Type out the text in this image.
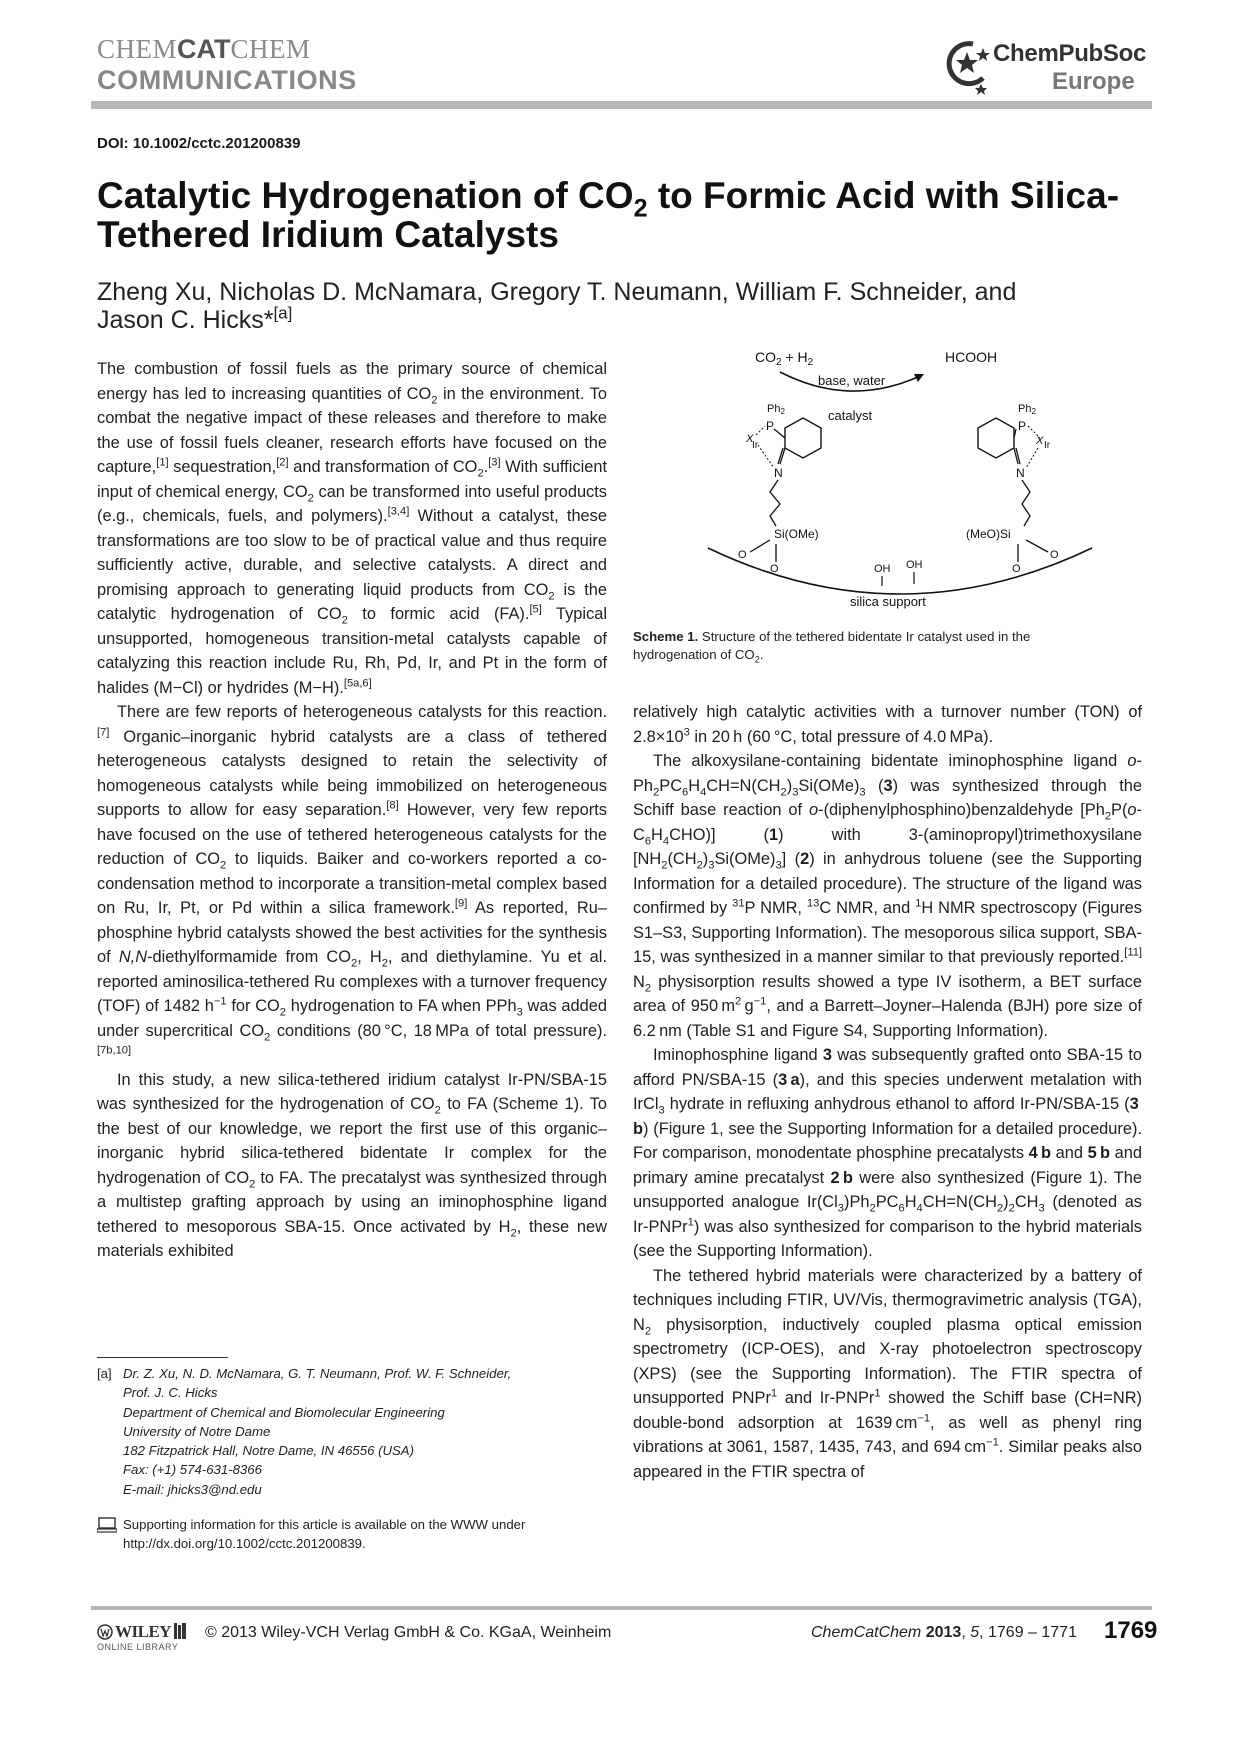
CHEMCATCHEM
COMMUNICATIONS
ChemPubSoc
Europe
DOI: 10.1002/cctc.201200839
Catalytic Hydrogenation of $CO_2$ to Formic Acid with Silica-Tethered Iridium Catalysts
Zheng Xu, Nicholas D. McNamara, Gregory T. Neumann, William F. Schneider, and
Jason C. Hicks*[a]

The combustion of fossil fuels as the primary source of chemical energy has led to increasing quantities of $CO_2$ in the environment. To combat the negative impact of these releases and therefore to make the use of fossil fuels cleaner, research efforts have focused on the capture,[1] sequestration,[2] and transformation of $CO_2.[3]$ With sufficient input of chemical energy, $CO_2$ can be transformed into useful products (e.g., chemicals, fuels, and polymers).[3,4] Without a catalyst, these transformations are too slow to be of practical value and thus require sufficiently active, durable, and selective catalysts. A direct and promising approach to generating liquid products from $CO_2$ is the catalytic hydrogenation of $CO_2$ to formic acid (FA).[5] Typical unsupported, homogeneous transition-metal catalysts capable of catalyzing this reaction include Ru, Rh, Pd, Ir, and Pt in the form of halides (M−Cl) or hydrides (M−H).[5a,6]

There are few reports of heterogeneous catalysts for this reaction.[7] Organic–inorganic hybrid catalysts are a class of tethered heterogeneous catalysts designed to retain the selectivity of homogeneous catalysts while being immobilized on heterogeneous supports to allow for easy separation.[8] However, very few reports have focused on the use of tethered heterogeneous catalysts for the reduction of $CO_2$ to liquids. Baiker and co-workers reported a co-condensation method to incorporate a transition-metal complex based on Ru, Ir, Pt, or Pd within a silica framework.[9] As reported, Ru–phosphine hybrid catalysts showed the best activities for the synthesis of N,N-diethylformamide from $CO_2$, $H_2$, and diethylamine. Yu et al. reported aminosilica-tethered Ru complexes with a turnover frequency (TOF) of 1482 $h^{-1}$ for $CO_2$ hydrogenation to FA when PPh$_3$ was added under supercritical $CO_2$ conditions (80 °C, 18 MPa of total pressure).[7b,10]

In this study, a new silica-tethered iridium catalyst Ir-PN/SBA-15 was synthesized for the hydrogenation of $CO_2$ to FA (Scheme 1). To the best of our knowledge, we report the first use of this organic–inorganic hybrid silica-tethered bidentate Ir complex for the hydrogenation of $CO_2$ to FA. The precatalyst was synthesized through a multistep grafting approach by using an iminophosphine ligand tethered to mesoporous SBA-15. Once activated by $H_2$, these new materials exhibited

$CO_2 + H_2$	HCOOH
base, water
catalyst
Ph2
P
N
X
Ir
Si(OMe)
O
O
Ph2
P
N
X Ir
(MeO)Si
O
O
OH OH
silica support
Scheme 1. Structure of the tethered bidentate Ir catalyst used in the hydrogenation of $CO_2$.

relatively high catalytic activities with a turnover number (TON) of $2.8\times 10^3$ in 20 h (60 °C, total pressure of 4.0 MPa).

The alkoxysilane-containing bidentate iminophosphine ligand $o-Ph_2PC_6H_4CH=N(CH_2)_3Si(OMe)_3$ (3) was synthesized through the Schiff base reaction of o-(diphenylphosphino)benzaldehyde $[Ph_2P(o-C_6H_4CHO)]$ (1) with 3-(aminopropyl)trimethoxysilane $[NH_2(CH_2)_3Si(OMe)_3]$ (2) in anhydrous toluene (see the Supporting Information for a detailed procedure). The structure of the ligand was confirmed by $^{31}$P NMR, $^{13}$C NMR, and $^1$H NMR spectroscopy (Figures S1–S3, Supporting Information). The mesoporous silica support, SBA-15, was synthesized in a manner similar to that previously reported.[11] $N_2$ physisorption results showed a type IV isotherm, a BET surface area of 950 $m^2$ $g^{-1}$, and a Barrett–Joyner–Halenda (BJH) pore size of 6.2 nm (Table S1 and Figure S4, Supporting Information).

Iminophosphine ligand 3 was subsequently grafted onto SBA-15 to afford PN/SBA-15 (3 a), and this species underwent metalation with IrCl$_3$ hydrate in refluxing anhydrous ethanol to afford Ir-PN/SBA-15 (3 b) (Figure 1, see the Supporting Information for a detailed procedure). For comparison, monodentate phosphine precatalysts 4 b and 5 b and primary amine precatalyst 2 b were also synthesized (Figure 1). The unsupported analogue $Ir(Cl_3)Ph_2PC_6H_4CH=N(CH_2)_2CH_3$ (denoted as Ir-PNPr$^1$) was also synthesized for comparison to the hybrid materials (see the Supporting Information).

The tethered hybrid materials were characterized by a battery of techniques including FTIR, UV/Vis, thermogravimetric analysis (TGA), $N_2$ physisorption, inductively coupled plasma optical emission spectrometry (ICP-OES), and X-ray photoelectron spectroscopy (XPS) (see the Supporting Information). The FTIR spectra of unsupported PNPr$^1$ and Ir-PNPr$^1$ showed the Schiff base (CH=NR) double-bond adsorption at 1639 $cm^{-1}$, as well as phenyl ring vibrations at 3061, 1587, 1435, 743, and 694 $cm^{-1}$. Similar peaks also appeared in the FTIR spectra of

[a] Dr. Z. Xu, N. D. McNamara, G. T. Neumann, Prof. W. F. Schneider,
Prof. J. C. Hicks
Department of Chemical and Biomolecular Engineering
University of Notre Dame
182 Fitzpatrick Hall, Notre Dame, IN 46556 (USA)
Fax: (+1) 574-631-8366
E-mail: jhicks3@nd.edu
Supporting information for this article is available on the WWW under http://dx.doi.org/10.1002/cctc.201200839.
WILEY
ONLINE LIBRARY
© 2013 Wiley-VCH Verlag GmbH & Co. KGaA, Weinheim	ChemCatChem 2013, 5, 1769 – 1771 1769
